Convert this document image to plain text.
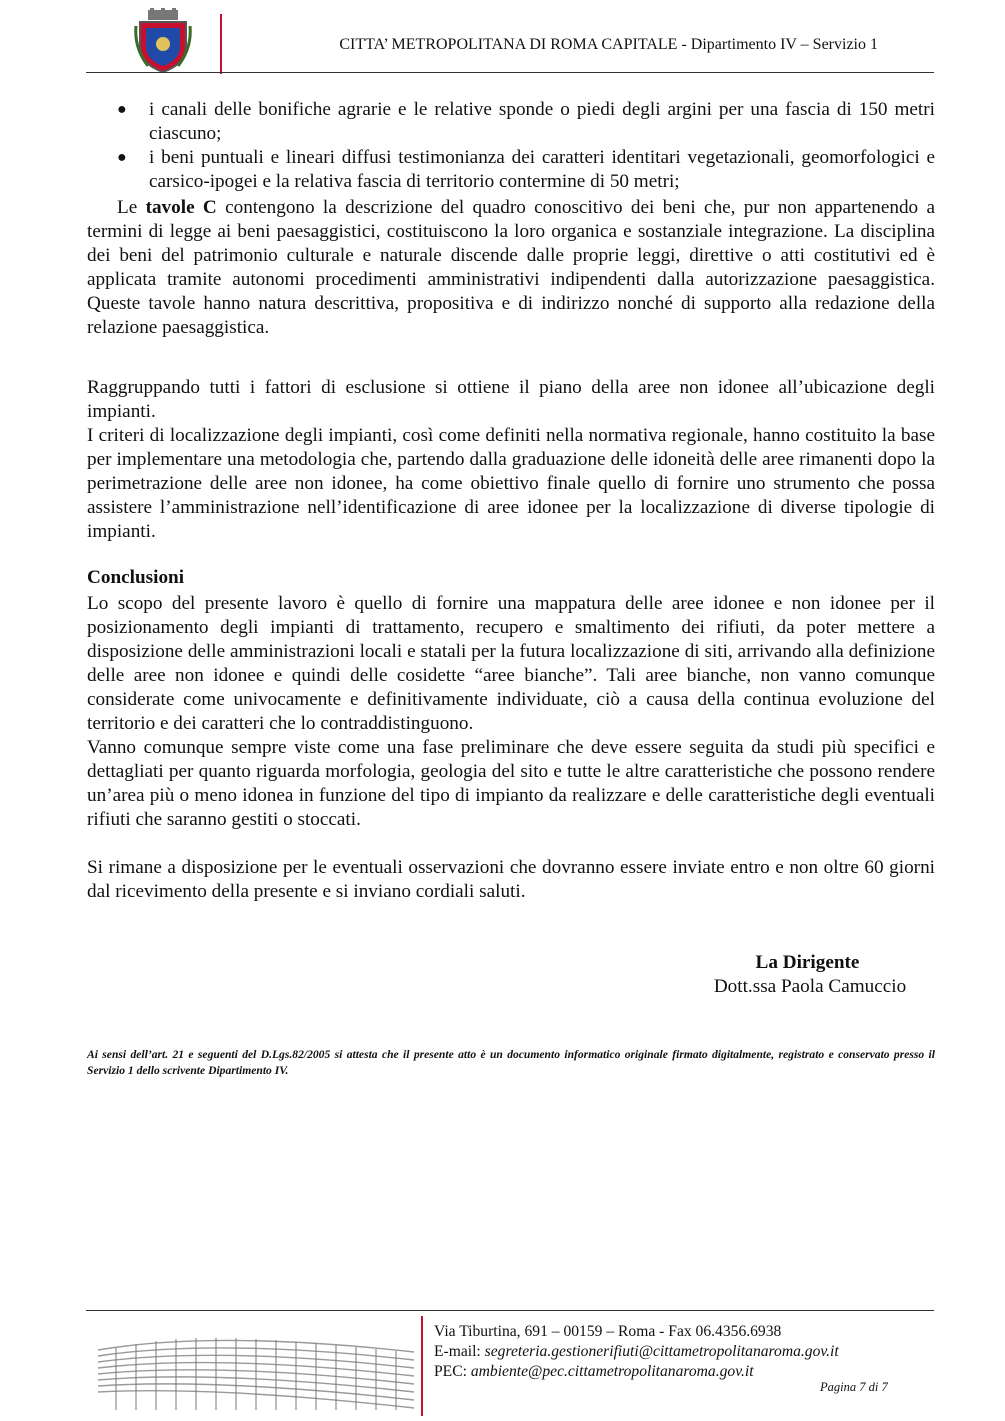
CITTA’ METROPOLITANA DI ROMA CAPITALE - Dipartimento IV – Servizio 1
● i canali delle bonifiche agrarie e le relative sponde o piedi degli argini per una fascia di 150 metri ciascuno;
● i beni puntuali e lineari diffusi testimonianza dei caratteri identitari vegetazionali, geomorfologici e carsico-ipogei e la relativa fascia di territorio contermine di 50 metri;

Le tavole C contengono la descrizione del quadro conoscitivo dei beni che, pur non appartenendo a termini di legge ai beni paesaggistici, costituiscono la loro organica e sostanziale integrazione. La disciplina dei beni del patrimonio culturale e naturale discende dalle proprie leggi, direttive o atti costitutivi ed è applicata tramite autonomi procedimenti amministrativi indipendenti dalla autorizzazione paesaggistica. Queste tavole hanno natura descrittiva, propositiva e di indirizzo nonché di supporto alla redazione della relazione paesaggistica.

Raggruppando tutti i fattori di esclusione si ottiene il piano della aree non idonee all’ubicazione degli impianti.

I criteri di localizzazione degli impianti, così come definiti nella normativa regionale, hanno costituito la base per implementare una metodologia che, partendo dalla graduazione delle idoneità delle aree rimanenti dopo la perimetrazione delle aree non idonee, ha come obiettivo finale quello di fornire uno strumento che possa assistere l’amministrazione nell’identificazione di aree idonee per la localizzazione di diverse tipologie di impianti.

Conclusioni

Lo scopo del presente lavoro è quello di fornire una mappatura delle aree idonee e non idonee per il posizionamento degli impianti di trattamento, recupero e smaltimento dei rifiuti, da poter mettere a disposizione delle amministrazioni locali e statali per la futura localizzazione di siti, arrivando alla definizione delle aree non idonee e quindi delle cosidette “aree bianche”. Tali aree bianche, non vanno comunque considerate come univocamente e definitivamente individuate, ciò a causa della continua evoluzione del territorio e dei caratteri che lo contraddistinguono.

Vanno comunque sempre viste come una fase preliminare che deve essere seguita da studi più specifici e dettagliati per quanto riguarda morfologia, geologia del sito e tutte le altre caratteristiche che possono rendere un’area più o meno idonea in funzione del tipo di impianto da realizzare e delle caratteristiche degli eventuali rifiuti che saranno gestiti o stoccati.

Si rimane a disposizione per le eventuali osservazioni che dovranno essere inviate entro e non oltre 60 giorni dal ricevimento della presente e si inviano cordiali saluti.

La Dirigente
Dott.ssa Paola Camuccio
Ai sensi dell’art. 21 e seguenti del D.Lgs.82/2005 si attesta che il presente atto è un documento informatico originale firmato digitalmente, registrato e conservato presso il Servizio 1 dello scrivente Dipartimento IV.
Via Tiburtina, 691 – 00159 – Roma - Fax 06.4356.6938
E-mail: segreteria.gestionerifiuti@cittametropolitanaroma.gov.it
PEC: ambiente@pec.cittametropolitanaroma.gov.it
Pagina 7 di 7
